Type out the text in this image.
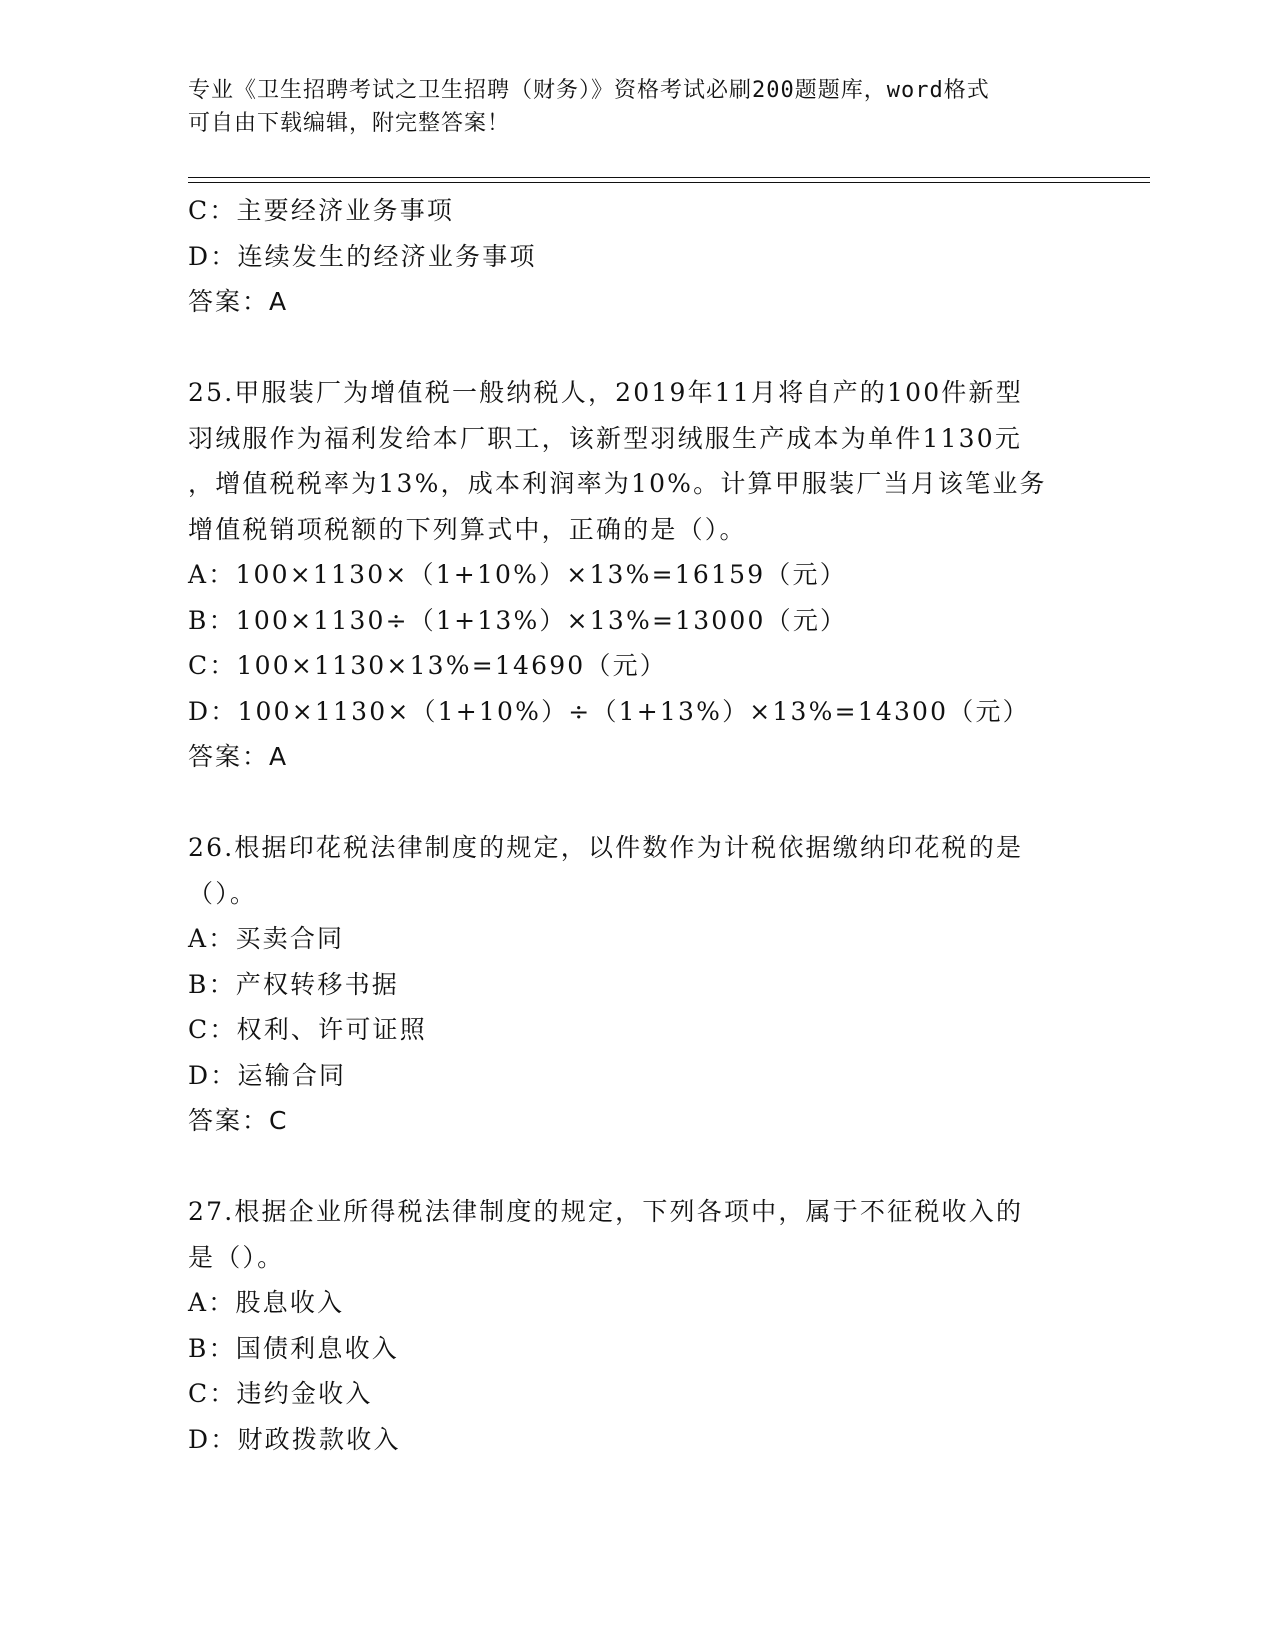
专业《卫生招聘考试之卫生招聘（财务）》资格考试必刷200题题库，word格式
可自由下载编辑，附完整答案！
C：主要经济业务事项
D：连续发生的经济业务事项
答案：A
25.甲服装厂为增值税一般纳税人，2019年11月将自产的100件新型
羽绒服作为福利发给本厂职工，该新型羽绒服生产成本为单件1130元
，增值税税率为13%，成本利润率为10%。计算甲服装厂当月该笔业务
增值税销项税额的下列算式中，正确的是（）。
A：100×1130×（1+10%）×13%=16159（元）
B：100×1130÷（1+13%）×13%=13000（元）
C：100×1130×13%=14690（元）
D：100×1130×（1+10%）÷（1+13%）×13%=14300（元）
答案：A
26.根据印花税法律制度的规定，以件数作为计税依据缴纳印花税的是
（）。
A：买卖合同
B：产权转移书据
C：权利、许可证照
D：运输合同
答案：C
27.根据企业所得税法律制度的规定，下列各项中，属于不征税收入的
是（）。
A：股息收入
B：国债利息收入
C：违约金收入
D：财政拨款收入
